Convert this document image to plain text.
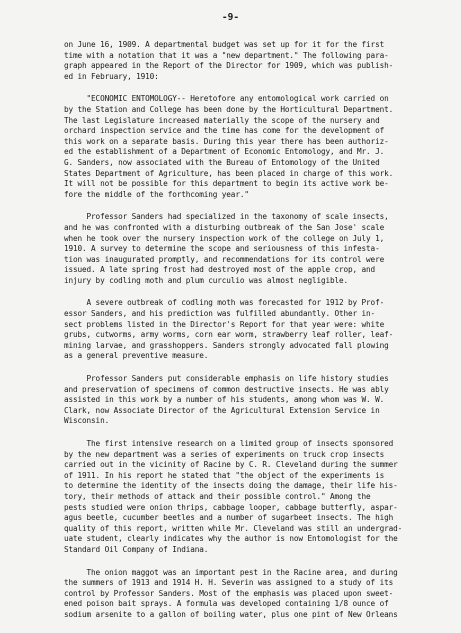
-9-

on June 16, 1909. A departmental budget was set up for it for the first
time with a notation that it was a "new department." The following para-
graph appeared in the Report of the Director for 1909, which was publish-
ed in February, 1910:

"ECONOMIC ENTOMOLOGY-- Heretofore any entomological work carried on
by the Station and College has been done by the Horticultural Department.
The last Legislature increased materially the scope of the nursery and
orchard inspection service and the time has come for the development of
this work on a separate basis. During this year there has been authoriz-
ed the establishment of a Department of Economic Entomology, and Mr. J.
G. Sanders, now associated with the Bureau of Entomology of the United
States Department of Agriculture, has been placed in charge of this work.
It will not be possible for this department to begin its active work be-
fore the middle of the forthcoming year."

Professor Sanders had specialized in the taxonomy of scale insects,
and he was confronted with a disturbing outbreak of the San Jose' scale
when he took over the nursery inspection work of the college on July 1,
1910. A survey to determine the scope and seriousness of this infesta-
tion was inaugurated promptly, and recommendations for its control were
issued. A late spring frost had destroyed most of the apple crop, and
injury by codling moth and plum curculio was almost negligible.

A severe outbreak of codling moth was forecasted for 1912 by Prof-
essor Sanders, and his prediction was fulfilled abundantly. Other in-
sect problems listed in the Director's Report for that year were: white
grubs, cutworms, army worms, corn ear worm, strawberry leaf roller, leaf-
mining larvae, and grasshoppers. Sanders strongly advocated fall plowing
as a general preventive measure.

Professor Sanders put considerable emphasis on life history studies
and preservation of specimens of common destructive insects. He was ably
assisted in this work by a number of his students, among whom was W. W.
Clark, now Associate Director of the Agricultural Extension Service in
Wisconsin.

The first intensive research on a limited group of insects sponsored
by the new department was a series of experiments on truck crop insects
carried out in the vicinity of Racine by C. R. Cleveland during the summer
of 1911. In his report he stated that "the object of the experiments is
to determine the identity of the insects doing the damage, their life his-
tory, their methods of attack and their possible control." Among the
pests studied were onion thrips, cabbage looper, cabbage butterfly, aspar-
agus beetle, cucumber beetles and a number of sugarbeet insects. The high
quality of this report, written while Mr. Cleveland was still an undergrad-
uate student, clearly indicates why the author is now Entomologist for the
Standard Oil Company of Indiana.

The onion maggot was an important pest in the Racine area, and during
the summers of 1913 and 1914 H. H. Severin was assigned to a study of its
control by Professor Sanders. Most of the emphasis was placed upon sweet-
ened poison bait sprays. A formula was developed containing 1/8 ounce of
sodium arsenite to a gallon of boiling water, plus one pint of New Orleans
